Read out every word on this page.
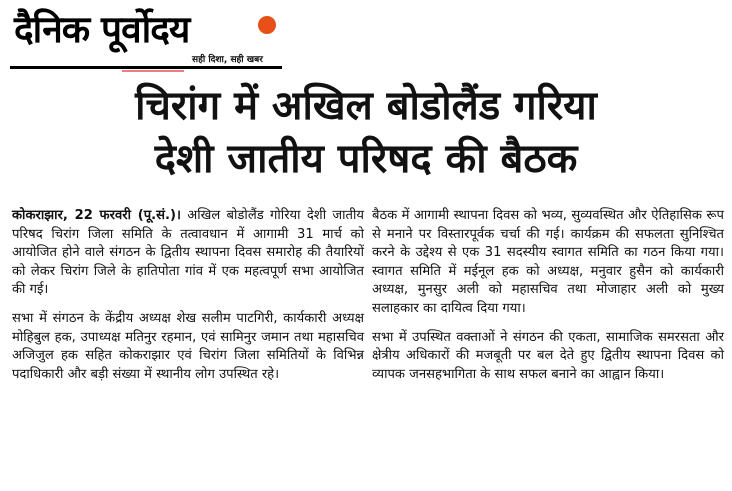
दैनिक पूर्वोदय
सही दिशा, सही खबर
चिरांग में अखिल बोडोलैंड गरिया
देशी जातीय परिषद की बैठक

कोकराझार, 22 फरवरी (पू.सं.)। अखिल बोडोलैंड गोरिया देशी जातीय परिषद चिरांग जिला समिति के तत्वावधान में आगामी 31 मार्च को आयोजित होने वाले संगठन के द्वितीय स्थापना दिवस समारोह की तैयारियों को लेकर चिरांग जिले के हातिपोता गांव में एक महत्वपूर्ण सभा आयोजित की गई।

सभा में संगठन के केंद्रीय अध्यक्ष शेख सलीम पाटगिरी, कार्यकारी अध्यक्ष मोहिबुल हक, उपाध्यक्ष मतिनुर रहमान, एवं सामिनुर जमान तथा महासचिव अजिजुल हक सहित कोकराझार एवं चिरांग जिला समितियों के विभिन्न पदाधिकारी और बड़ी संख्या में स्थानीय लोग उपस्थित रहे।

बैठक में आगामी स्थापना दिवस को भव्य, सुव्यवस्थित और ऐतिहासिक रूप से मनाने पर विस्तारपूर्वक चर्चा की गई। कार्यक्रम की सफलता सुनिश्चित करने के उद्देश्य से एक 31 सदस्यीय स्वागत समिति का गठन किया गया। स्वागत समिति में मईनूल हक को अध्यक्ष, मनुवार हुसैन को कार्यकारी अध्यक्ष, मुनसुर अली को महासचिव तथा मोजाहार अली को मुख्य सलाहकार का दायित्व दिया गया।

सभा में उपस्थित वक्ताओं ने संगठन की एकता, सामाजिक समरसता और क्षेत्रीय अधिकारों की मजबूती पर बल देते हुए द्वितीय स्थापना दिवस को व्यापक जनसहभागिता के साथ सफल बनाने का आह्वान किया।
